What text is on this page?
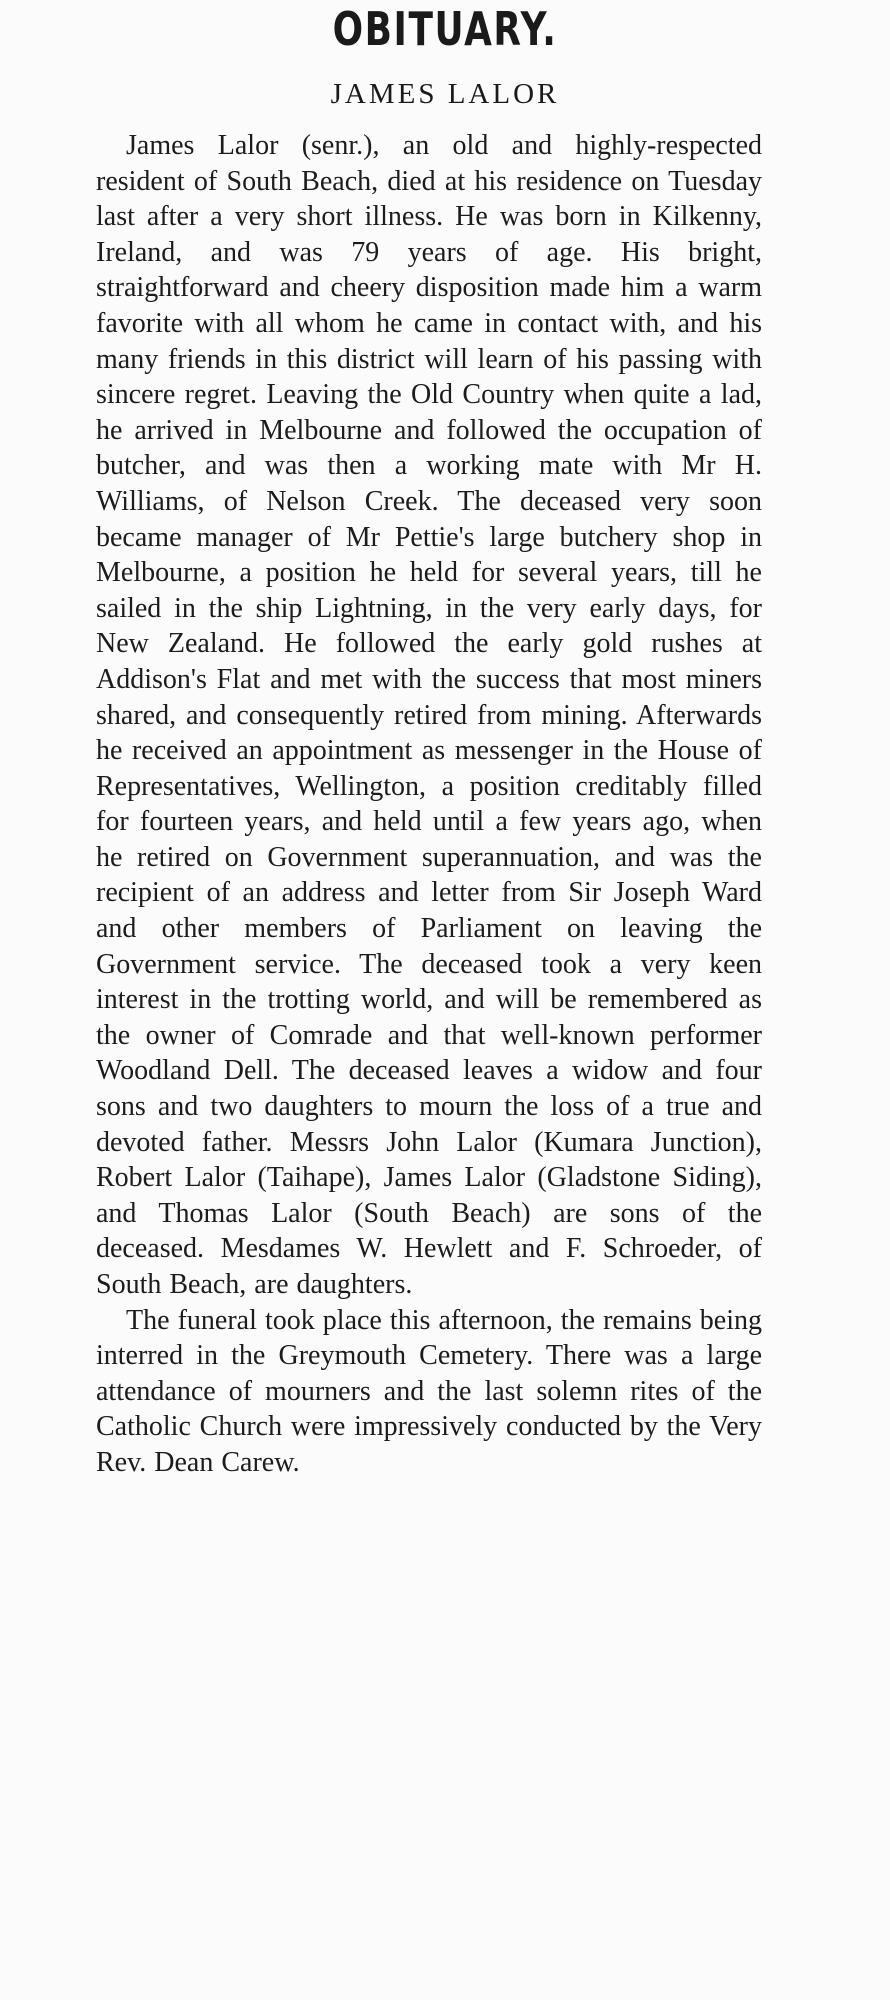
OBITUARY.
JAMES LALOR

James Lalor (senr.), an old and highly-respected resident of South Beach, died at his residence on Tuesday last after a very short illness. He was born in Kilkenny, Ireland, and was 79 years of age. His bright, straightforward and cheery disposition made him a warm favorite with all whom he came in contact with, and his many friends in this district will learn of his passing with sincere regret. Leaving the Old Country when quite a lad, he arrived in Melbourne and followed the occupation of butcher, and was then a working mate with Mr H. Williams, of Nelson Creek. The deceased very soon became manager of Mr Pettie's large butchery shop in Melbourne, a position he held for several years, till he sailed in the ship Lightning, in the very early days, for New Zealand. He followed the early gold rushes at Addison's Flat and met with the success that most miners shared, and consequently retired from mining. Afterwards he received an appointment as messenger in the House of Representatives, Wellington, a position creditably filled for fourteen years, and held until a few years ago, when he retired on Government superannuation, and was the recipient of an address and letter from Sir Joseph Ward and other members of Parliament on leaving the Government service. The deceased took a very keen interest in the trotting world, and will be remembered as the owner of Comrade and that well-known performer Woodland Dell. The deceased leaves a widow and four sons and two daughters to mourn the loss of a true and devoted father. Messrs John Lalor (Kumara Junction), Robert Lalor (Taihape), James Lalor (Gladstone Siding), and Thomas Lalor (South Beach) are sons of the deceased. Mesdames W. Hewlett and F. Schroeder, of South Beach, are daughters.

The funeral took place this afternoon, the remains being interred in the Greymouth Cemetery. There was a large attendance of mourners and the last solemn rites of the Catholic Church were impressively conducted by the Very Rev. Dean Carew.
